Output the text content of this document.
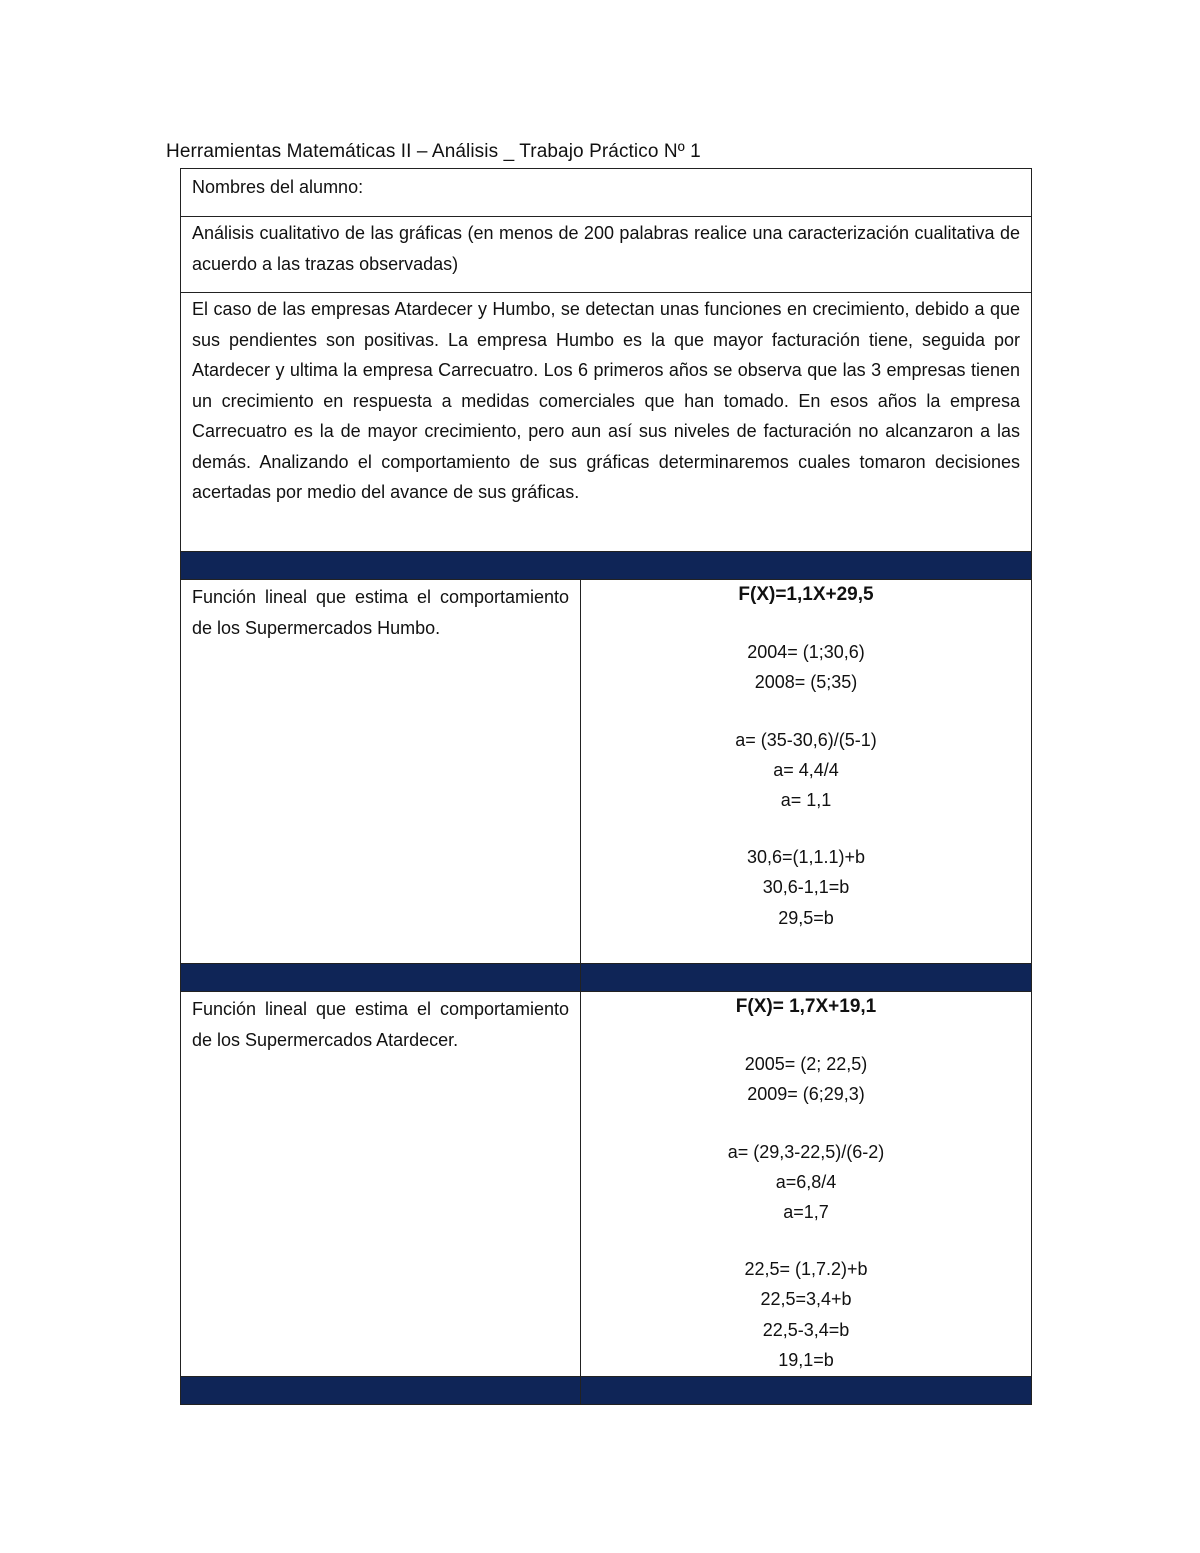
Herramientas Matemáticas II – Análisis _ Trabajo Práctico Nº 1
Nombres del alumno:
Análisis cualitativo de las gráficas (en menos de 200 palabras realice una caracterización cualitativa de acuerdo a las trazas observadas)
El caso de las empresas Atardecer y Humbo, se detectan unas funciones en crecimiento, debido a que sus pendientes son positivas. La empresa Humbo es la que mayor facturación tiene, seguida por Atardecer y ultima la empresa Carrecuatro. Los 6 primeros años se observa que las 3 empresas tienen un crecimiento en respuesta a medidas comerciales que han tomado. En esos años la empresa Carrecuatro es la de mayor crecimiento, pero aun así sus niveles de facturación no alcanzaron a las demás. Analizando el comportamiento de sus gráficas determinaremos cuales tomaron decisiones acertadas por medio del avance de sus gráficas.
Función lineal que estima el comportamiento de los Supermercados Humbo.
F(X)=1,1X+29,5
2004= (1;30,6)
2008= (5;35)
a= (35-30,6)/(5-1)
a= 4,4/4
a= 1,1
30,6=(1,1.1)+b
30,6-1,1=b
29,5=b
Función lineal que estima el comportamiento de los Supermercados Atardecer.
F(X)= 1,7X+19,1
2005= (2; 22,5)
2009= (6;29,3)
a= (29,3-22,5)/(6-2)
a=6,8/4
a=1,7
22,5= (1,7.2)+b
22,5=3,4+b
22,5-3,4=b
19,1=b
